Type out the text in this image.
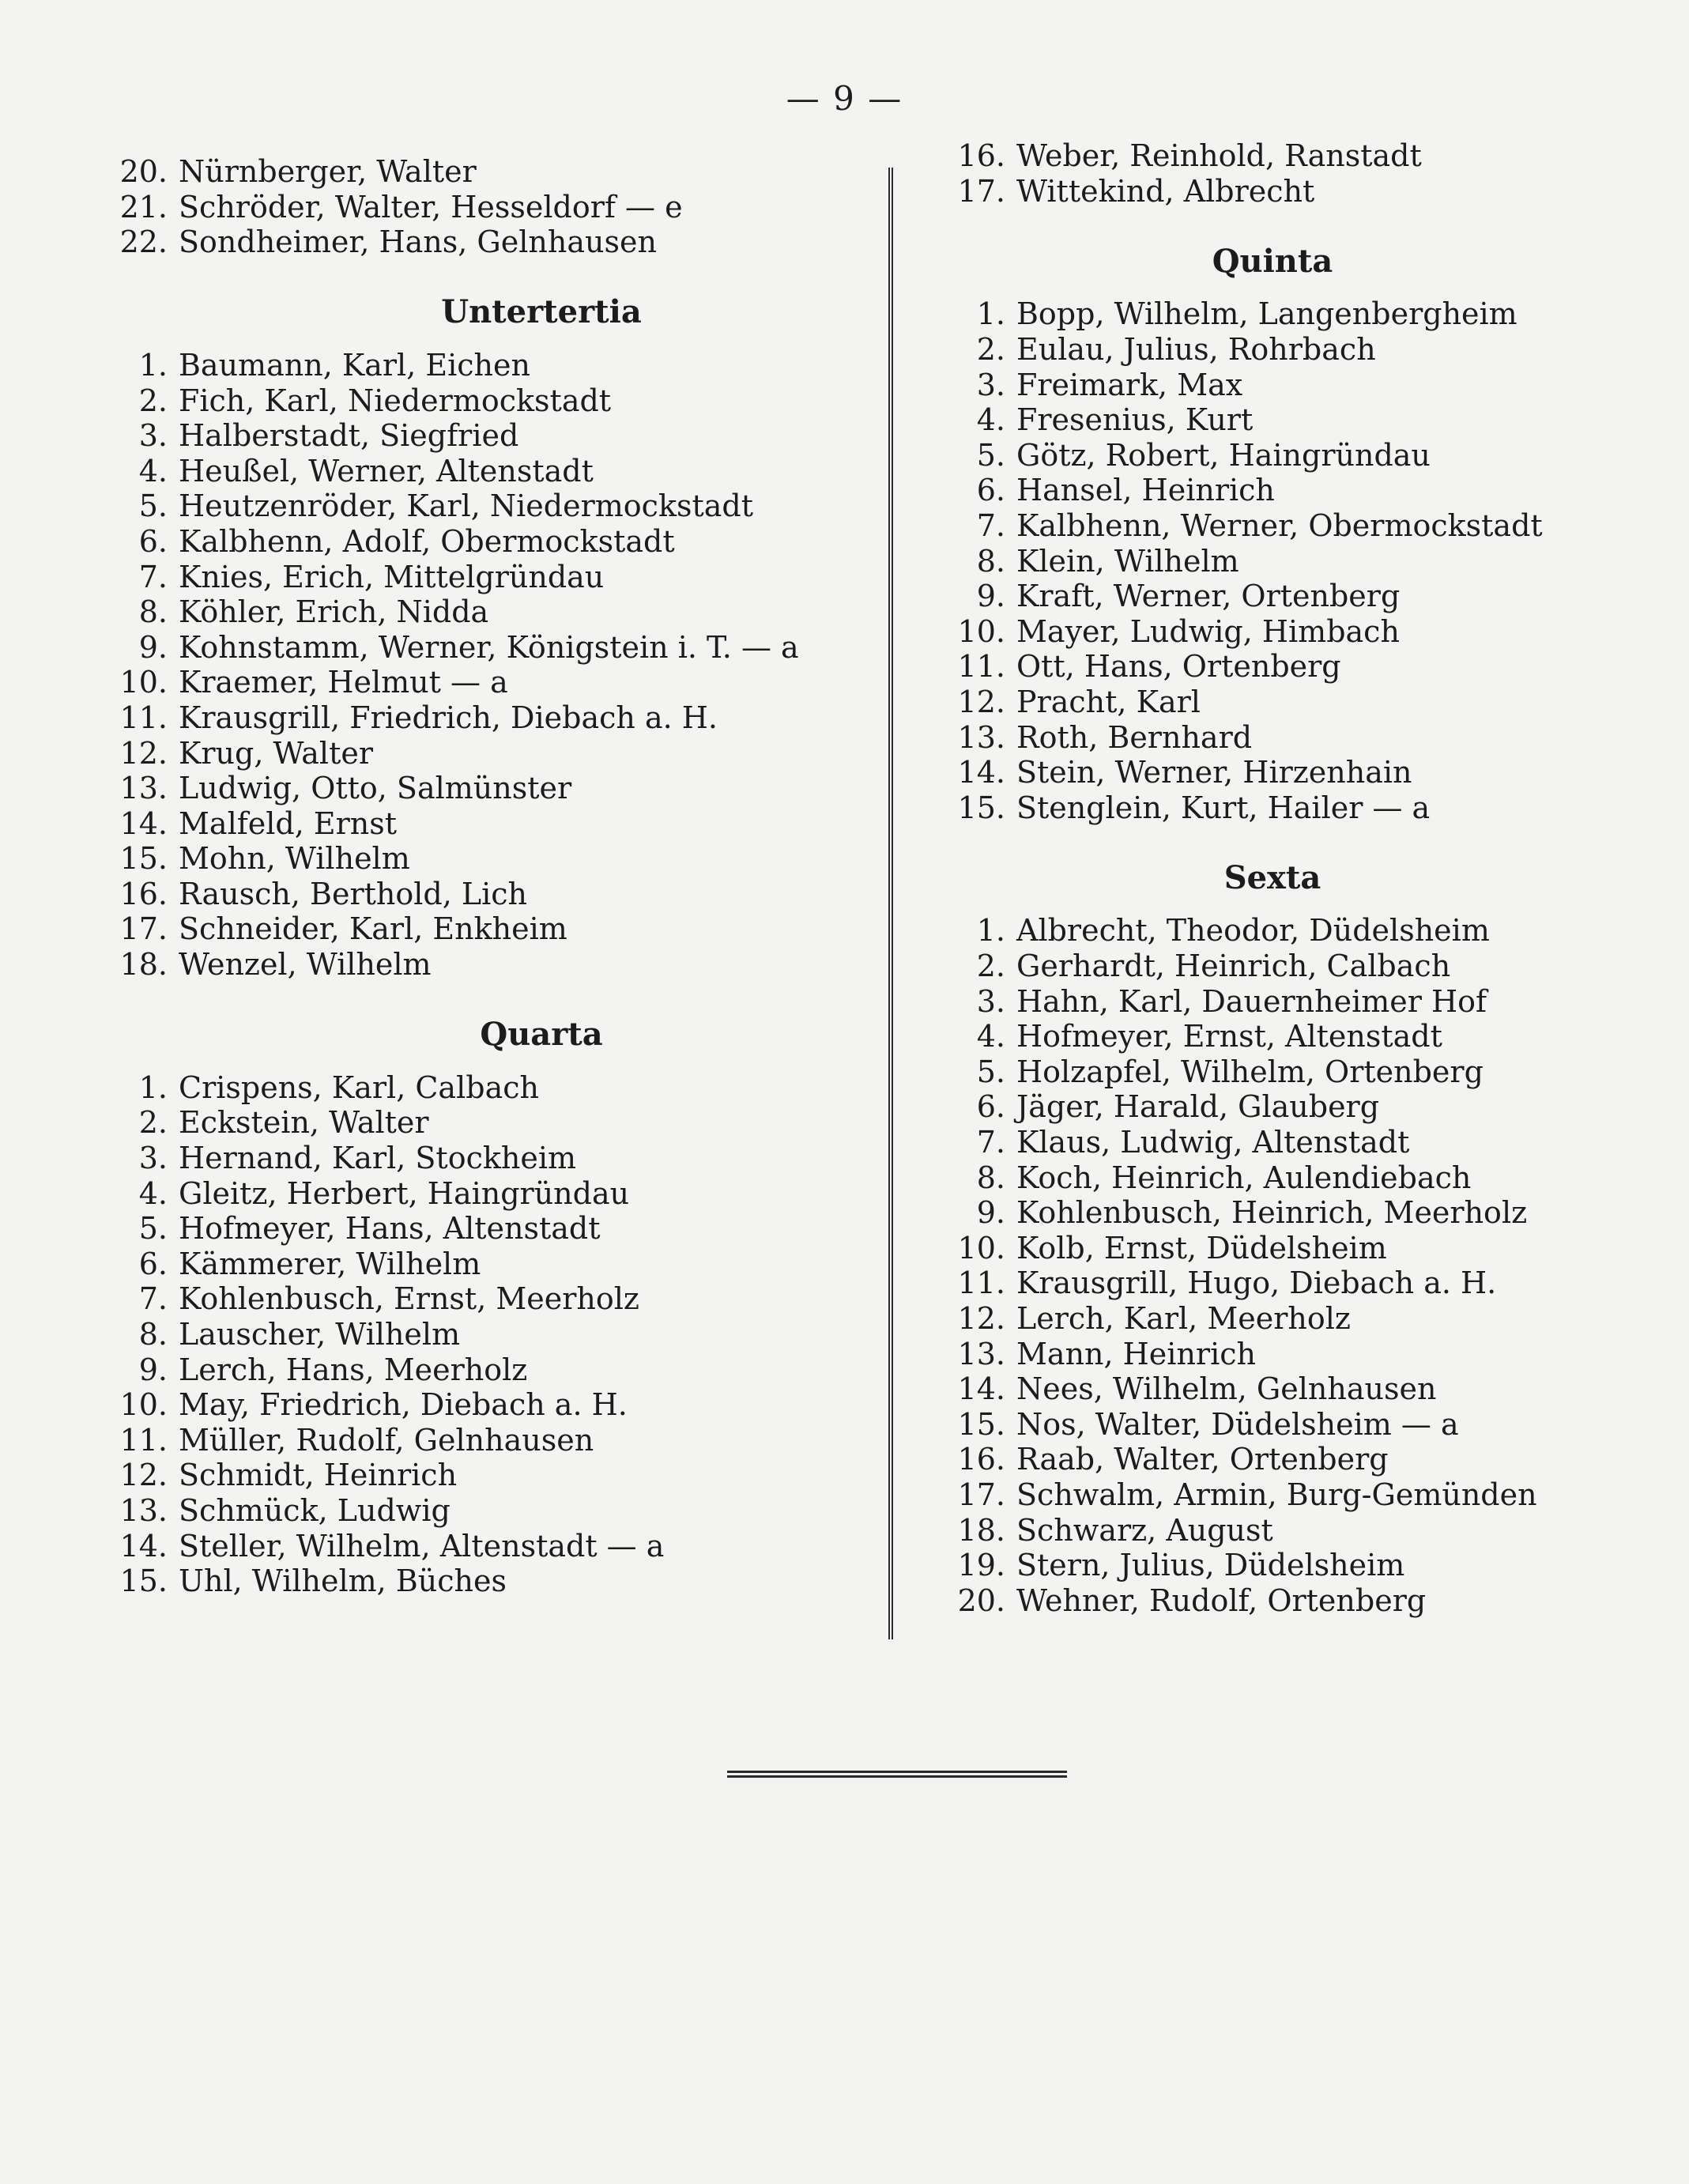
— 9 —
20. Nürnberger, Walter
21. Schröder, Walter, Hesseldorf — e
22. Sondheimer, Hans, Gelnhausen
Untertertia
1. Baumann, Karl, Eichen
2. Fich, Karl, Niedermockstadt
3. Halberstadt, Siegfried
4. Heußel, Werner, Altenstadt
5. Heutzenröder, Karl, Niedermockstadt
6. Kalbhenn, Adolf, Obermockstadt
7. Knies, Erich, Mittelgründau
8. Köhler, Erich, Nidda
9. Kohnstamm, Werner, Königstein i. T. — a
10. Kraemer, Helmut — a
11. Krausgrill, Friedrich, Diebach a. H.
12. Krug, Walter
13. Ludwig, Otto, Salmünster
14. Malfeld, Ernst
15. Mohn, Wilhelm
16. Rausch, Berthold, Lich
17. Schneider, Karl, Enkheim
18. Wenzel, Wilhelm
Quarta
1. Crispens, Karl, Calbach
2. Eckstein, Walter
3. Hernand, Karl, Stockheim
4. Gleitz, Herbert, Haingründau
5. Hofmeyer, Hans, Altenstadt
6. Kämmerer, Wilhelm
7. Kohlenbusch, Ernst, Meerholz
8. Lauscher, Wilhelm
9. Lerch, Hans, Meerholz
10. May, Friedrich, Diebach a. H.
11. Müller, Rudolf, Gelnhausen
12. Schmidt, Heinrich
13. Schmück, Ludwig
14. Steller, Wilhelm, Altenstadt — a
15. Uhl, Wilhelm, Büches
16. Weber, Reinhold, Ranstadt
17. Wittekind, Albrecht
Quinta
1. Bopp, Wilhelm, Langenbergheim
2. Eulau, Julius, Rohrbach
3. Freimark, Max
4. Fresenius, Kurt
5. Götz, Robert, Haingründau
6. Hansel, Heinrich
7. Kalbhenn, Werner, Obermockstadt
8. Klein, Wilhelm
9. Kraft, Werner, Ortenberg
10. Mayer, Ludwig, Himbach
11. Ott, Hans, Ortenberg
12. Pracht, Karl
13. Roth, Bernhard
14. Stein, Werner, Hirzenhain
15. Stenglein, Kurt, Hailer — a
Sexta
1. Albrecht, Theodor, Düdelsheim
2. Gerhardt, Heinrich, Calbach
3. Hahn, Karl, Dauernheimer Hof
4. Hofmeyer, Ernst, Altenstadt
5. Holzapfel, Wilhelm, Ortenberg
6. Jäger, Harald, Glauberg
7. Klaus, Ludwig, Altenstadt
8. Koch, Heinrich, Aulendiebach
9. Kohlenbusch, Heinrich, Meerholz
10. Kolb, Ernst, Düdelsheim
11. Krausgrill, Hugo, Diebach a. H.
12. Lerch, Karl, Meerholz
13. Mann, Heinrich
14. Nees, Wilhelm, Gelnhausen
15. Nos, Walter, Düdelsheim — a
16. Raab, Walter, Ortenberg
17. Schwalm, Armin, Burg-Gemünden
18. Schwarz, August
19. Stern, Julius, Düdelsheim
20. Wehner, Rudolf, Ortenberg
